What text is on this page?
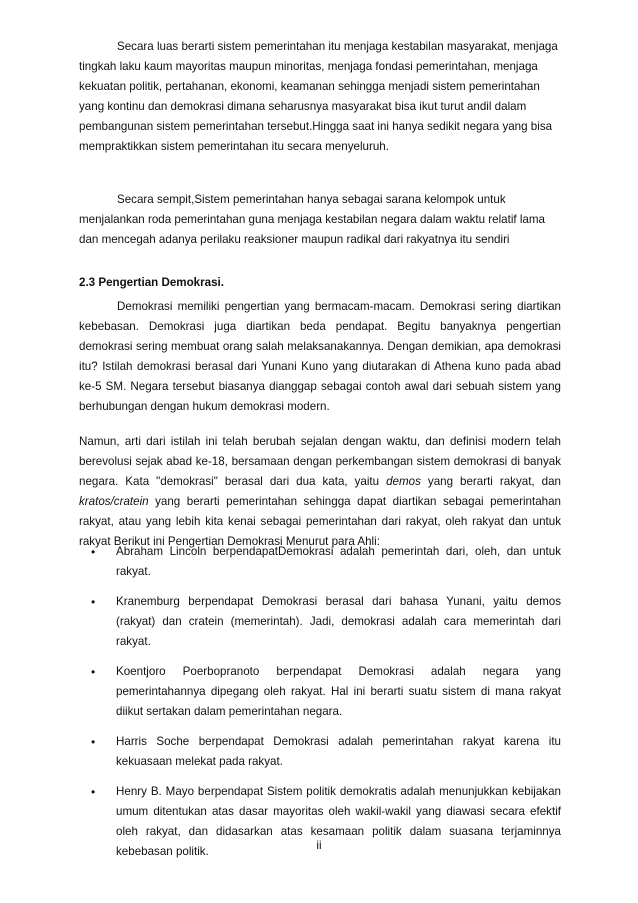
Secara luas berarti sistem pemerintahan itu menjaga kestabilan masyarakat, menjaga tingkah laku kaum mayoritas maupun minoritas, menjaga fondasi pemerintahan, menjaga kekuatan politik, pertahanan, ekonomi, keamanan sehingga menjadi sistem pemerintahan yang kontinu dan demokrasi dimana seharusnya masyarakat bisa ikut turut andil dalam pembangunan sistem pemerintahan tersebut.Hingga saat ini hanya sedikit negara yang bisa mempraktikkan sistem pemerintahan itu secara menyeluruh.

Secara sempit,Sistem pemerintahan hanya sebagai sarana kelompok untuk menjalankan roda pemerintahan guna menjaga kestabilan negara dalam waktu relatif lama dan mencegah adanya perilaku reaksioner maupun radikal dari rakyatnya itu sendiri

2.3 Pengertian Demokrasi.

Demokrasi memiliki pengertian yang bermacam-macam. Demokrasi sering diartikan kebebasan. Demokrasi juga diartikan beda pendapat. Begitu banyaknya pengertian demokrasi sering membuat orang salah melaksanakannya. Dengan demikian, apa demokrasi itu? Istilah demokrasi berasal dari Yunani Kuno yang diutarakan di Athena kuno pada abad ke-5 SM. Negara tersebut biasanya dianggap sebagai contoh awal dari sebuah sistem yang berhubungan dengan hukum demokrasi modern.

Namun, arti dari istilah ini telah berubah sejalan dengan waktu, dan definisi modern telah berevolusi sejak abad ke-18, bersamaan dengan perkembangan sistem demokrasi di banyak negara. Kata "demokrasi" berasal dari dua kata, yaitu demos yang berarti rakyat, dan kratos/cratein yang berarti pemerintahan sehingga dapat diartikan sebagai pemerintahan rakyat, atau yang lebih kita kenai sebagai pemerintahan dari rakyat, oleh rakyat dan untuk rakyat Berikut ini Pengertian Demokrasi Menurut para Ahli:

• Abraham Lincoln berpendapatDemokrasi adalah pemerintah dari, oleh, dan untuk rakyat.
• Kranemburg berpendapat Demokrasi berasal dari bahasa Yunani, yaitu demos (rakyat) dan cratein (memerintah). Jadi, demokrasi adalah cara memerintah dari rakyat.
• Koentjoro Poerbopranoto berpendapat Demokrasi adalah negara yang pemerintahannya dipegang oleh rakyat. Hal ini berarti suatu sistem di mana rakyat diikut sertakan dalam pemerintahan negara.
• Harris Soche berpendapat Demokrasi adalah pemerintahan rakyat karena itu kekuasaan melekat pada rakyat.
• Henry B. Mayo berpendapat Sistem politik demokratis adalah menunjukkan kebijakan umum ditentukan atas dasar mayoritas oleh wakil-wakil yang diawasi secara efektif oleh rakyat, dan didasarkan atas kesamaan politik dalam suasana terjaminnya kebebasan politik.	ii
